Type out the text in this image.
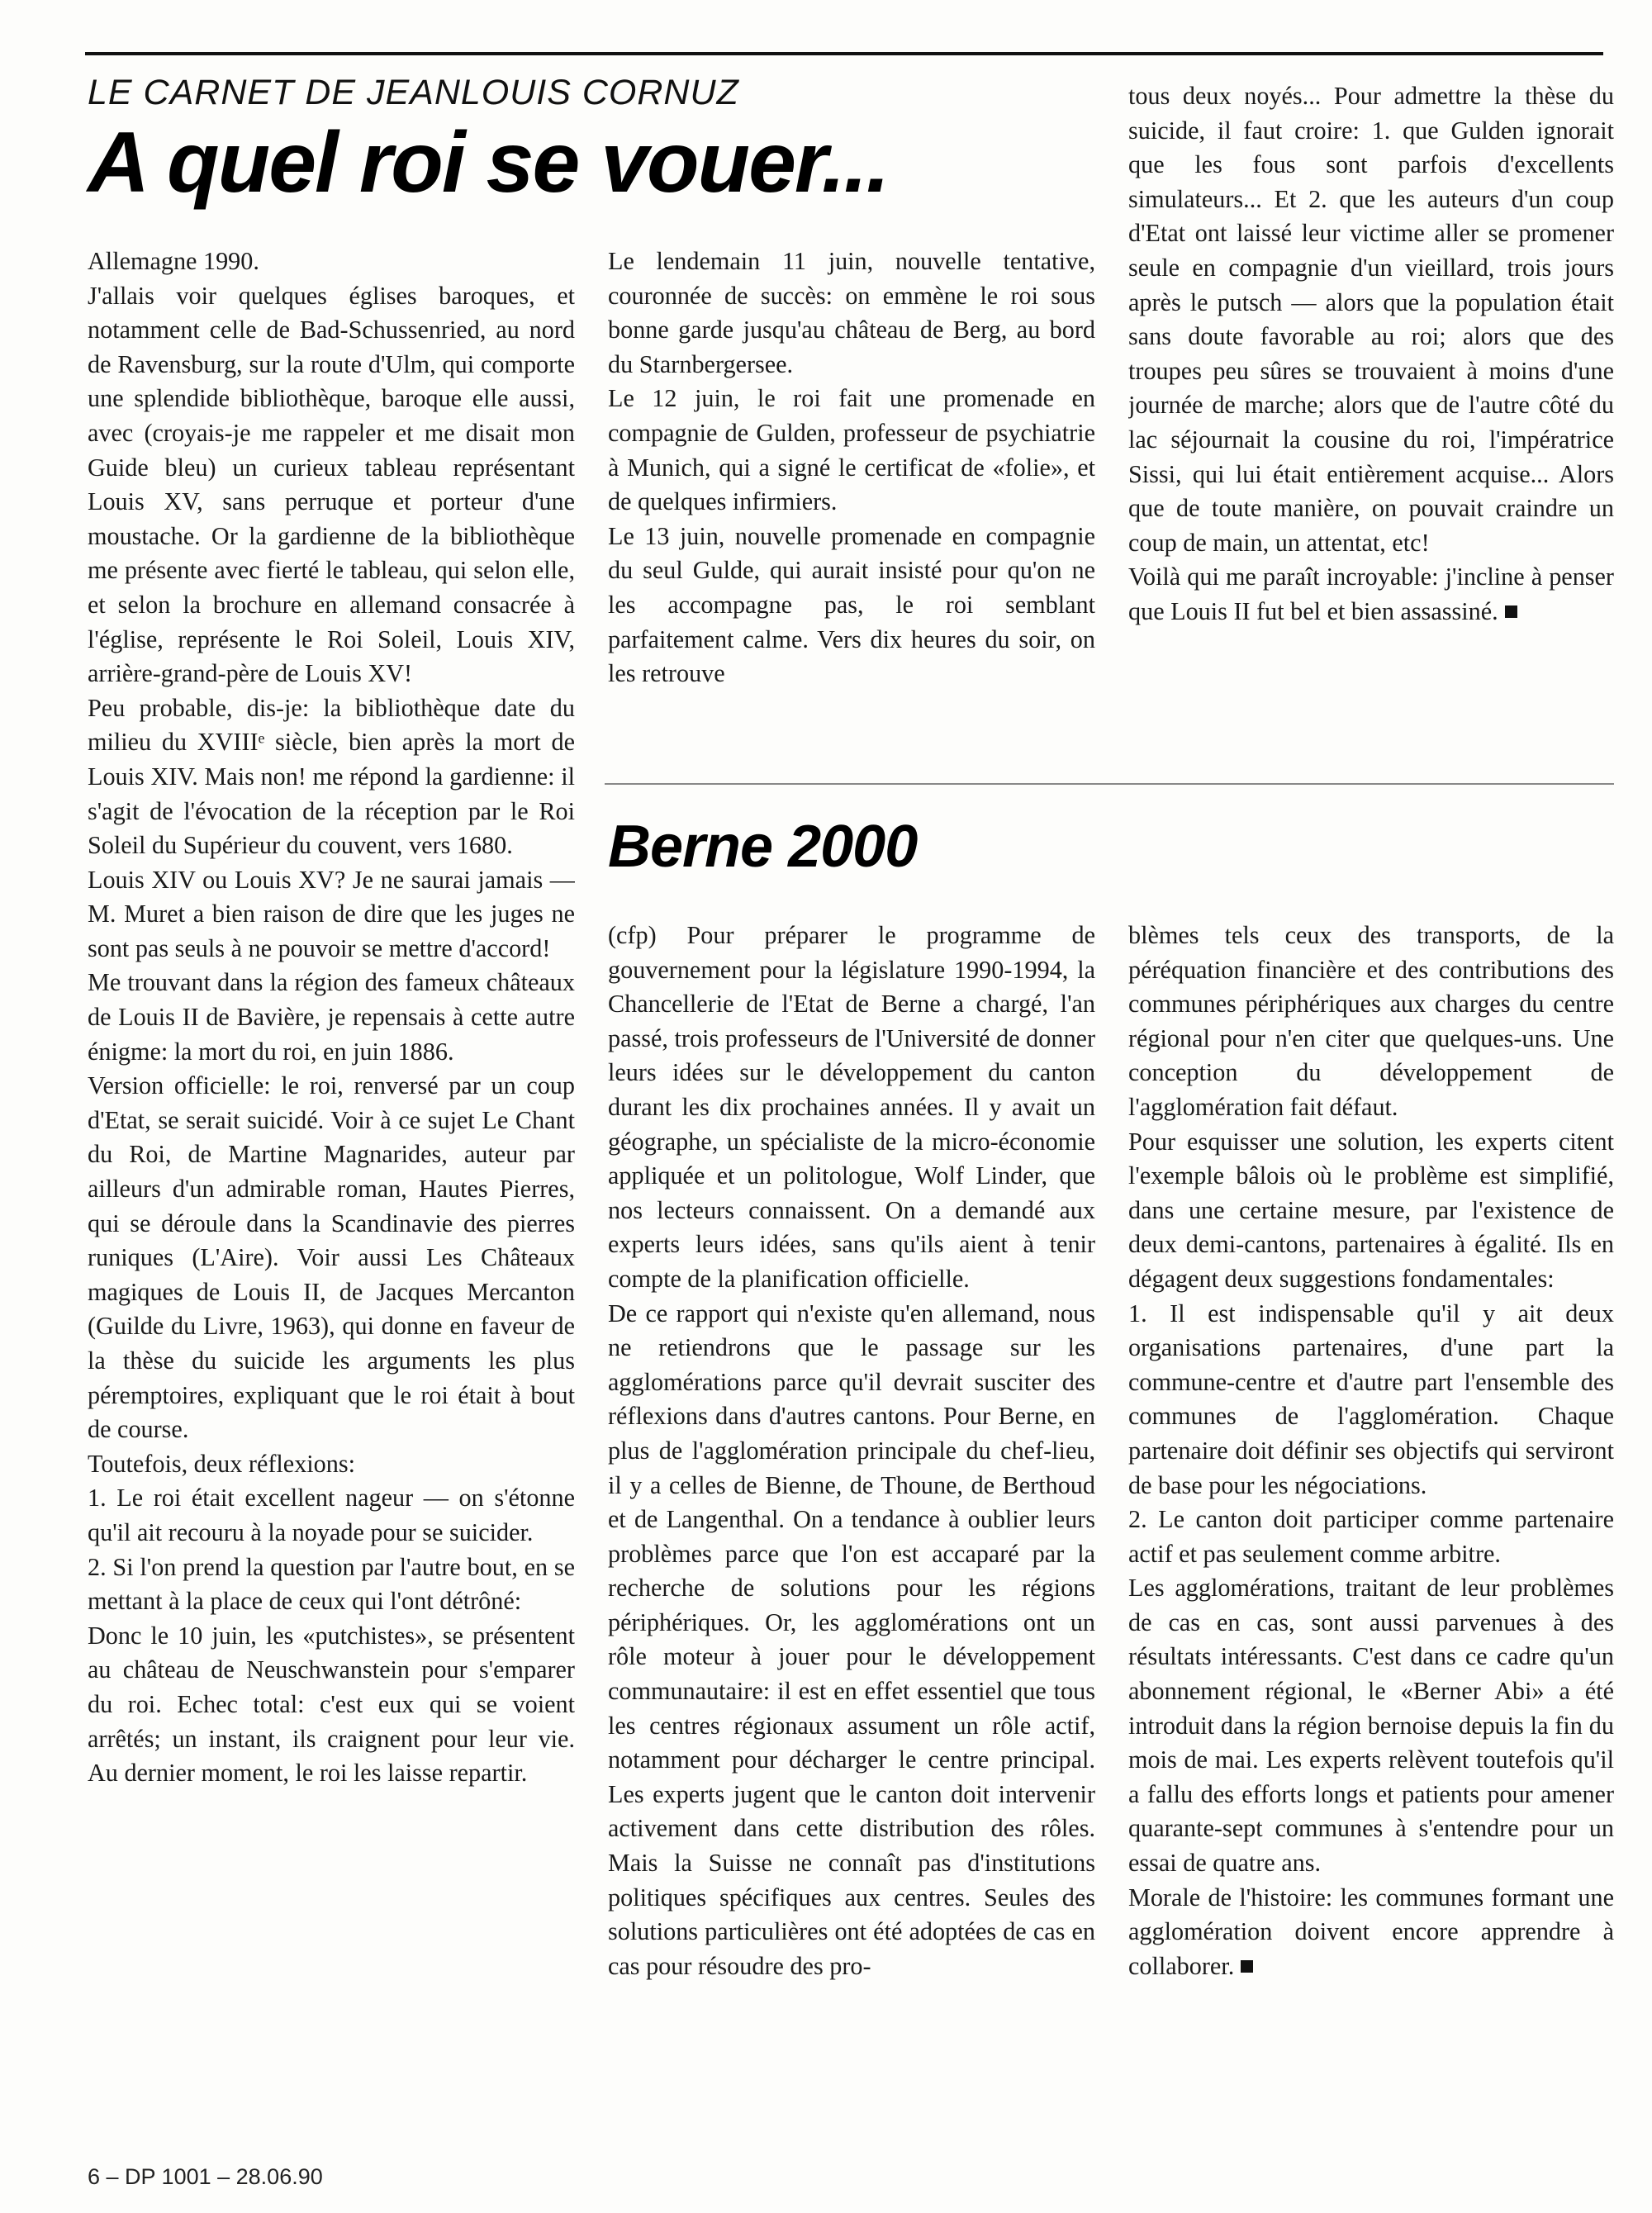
LE CARNET DE JEANLOUIS CORNUZ
A quel roi se vouer...

Allemagne 1990.

J'allais voir quelques églises baroques, et notamment celle de Bad-Schussenried, au nord de Ravensburg, sur la route d'Ulm, qui comporte une splendide bibliothèque, baroque elle aussi, avec (croyais-je me rappeler et me disait mon Guide bleu) un curieux tableau représentant Louis XV, sans perruque et porteur d'une moustache. Or la gardienne de la bibliothèque me présente avec fierté le tableau, qui selon elle, et selon la brochure en allemand consacrée à l'église, représente le Roi Soleil, Louis XIV, arrière-grand-père de Louis XV!

Peu probable, dis-je: la bibliothèque date du milieu du XVIIIᵉ siècle, bien après la mort de Louis XIV. Mais non! me répond la gardienne: il s'agit de l'évocation de la réception par le Roi Soleil du Supérieur du couvent, vers 1680.

Louis XIV ou Louis XV? Je ne saurai jamais — M. Muret a bien raison de dire que les juges ne sont pas seuls à ne pouvoir se mettre d'accord!

Me trouvant dans la région des fameux châteaux de Louis II de Bavière, je repensais à cette autre énigme: la mort du roi, en juin 1886.

Version officielle: le roi, renversé par un coup d'Etat, se serait suicidé. Voir à ce sujet Le Chant du Roi, de Martine Magnarides, auteur par ailleurs d'un admirable roman, Hautes Pierres, qui se déroule dans la Scandinavie des pierres runiques (L'Aire). Voir aussi Les Châteaux magiques de Louis II, de Jacques Mercanton (Guilde du Livre, 1963), qui donne en faveur de la thèse du suicide les arguments les plus péremptoires, expliquant que le roi était à bout de course.

Toutefois, deux réflexions:

1. Le roi était excellent nageur — on s'étonne qu'il ait recouru à la noyade pour se suicider.

2. Si l'on prend la question par l'autre bout, en se mettant à la place de ceux qui l'ont détrôné:

Donc le 10 juin, les «putchistes», se présentent au château de Neuschwanstein pour s'emparer du roi. Echec total: c'est eux qui se voient arrêtés; un instant, ils craignent pour leur vie. Au dernier moment, le roi les laisse repartir.

Le lendemain 11 juin, nouvelle tentative, couronnée de succès: on emmène le roi sous bonne garde jusqu'au château de Berg, au bord du Starnbergersee.

Le 12 juin, le roi fait une promenade en compagnie de Gulden, professeur de psychiatrie à Munich, qui a signé le certificat de «folie», et de quelques infirmiers.

Le 13 juin, nouvelle promenade en compagnie du seul Gulde, qui aurait insisté pour qu'on ne les accompagne pas, le roi semblant parfaitement calme. Vers dix heures du soir, on les retrouve

tous deux noyés... Pour admettre la thèse du suicide, il faut croire: 1. que Gulden ignorait que les fous sont parfois d'excellents simulateurs... Et 2. que les auteurs d'un coup d'Etat ont laissé leur victime aller se promener seule en compagnie d'un vieillard, trois jours après le putsch — alors que la population était sans doute favorable au roi; alors que des troupes peu sûres se trouvaient à moins d'une journée de marche; alors que de l'autre côté du lac séjournait la cousine du roi, l'impératrice Sissi, qui lui était entièrement acquise... Alors que de toute manière, on pouvait craindre un coup de main, un attentat, etc!

Voilà qui me paraît incroyable: j'incline à penser que Louis II fut bel et bien assassiné.

Berne 2000

(cfp) Pour préparer le programme de gouvernement pour la législature 1990-1994, la Chancellerie de l'Etat de Berne a chargé, l'an passé, trois professeurs de l'Université de donner leurs idées sur le développement du canton durant les dix prochaines années. Il y avait un géographe, un spécialiste de la micro-économie appliquée et un politologue, Wolf Linder, que nos lecteurs connaissent. On a demandé aux experts leurs idées, sans qu'ils aient à tenir compte de la planification officielle.

De ce rapport qui n'existe qu'en allemand, nous ne retiendrons que le passage sur les agglomérations parce qu'il devrait susciter des réflexions dans d'autres cantons. Pour Berne, en plus de l'agglomération principale du chef-lieu, il y a celles de Bienne, de Thoune, de Berthoud et de Langenthal. On a tendance à oublier leurs problèmes parce que l'on est accaparé par la recherche de solutions pour les régions périphériques. Or, les agglomérations ont un rôle moteur à jouer pour le développement communautaire: il est en effet essentiel que tous les centres régionaux assument un rôle actif, notamment pour décharger le centre principal. Les experts jugent que le canton doit intervenir activement dans cette distribution des rôles. Mais la Suisse ne connaît pas d'institutions politiques spécifiques aux centres. Seules des solutions particulières ont été adoptées de cas en cas pour résoudre des pro-

blèmes tels ceux des transports, de la péréquation financière et des contributions des communes périphériques aux charges du centre régional pour n'en citer que quelques-uns. Une conception du développement de l'agglomération fait défaut.

Pour esquisser une solution, les experts citent l'exemple bâlois où le problème est simplifié, dans une certaine mesure, par l'existence de deux demi-cantons, partenaires à égalité. Ils en dégagent deux suggestions fondamentales:

1. Il est indispensable qu'il y ait deux organisations partenaires, d'une part la commune-centre et d'autre part l'ensemble des communes de l'agglomération. Chaque partenaire doit définir ses objectifs qui serviront de base pour les négociations.

2. Le canton doit participer comme partenaire actif et pas seulement comme arbitre.

Les agglomérations, traitant de leur problèmes de cas en cas, sont aussi parvenues à des résultats intéressants. C'est dans ce cadre qu'un abonnement régional, le «Berner Abi» a été introduit dans la région bernoise depuis la fin du mois de mai. Les experts relèvent toutefois qu'il a fallu des efforts longs et patients pour amener quarante-sept communes à s'entendre pour un essai de quatre ans.

Morale de l'histoire: les communes formant une agglomération doivent encore apprendre à collaborer.

6 – DP 1001 – 28.06.90
